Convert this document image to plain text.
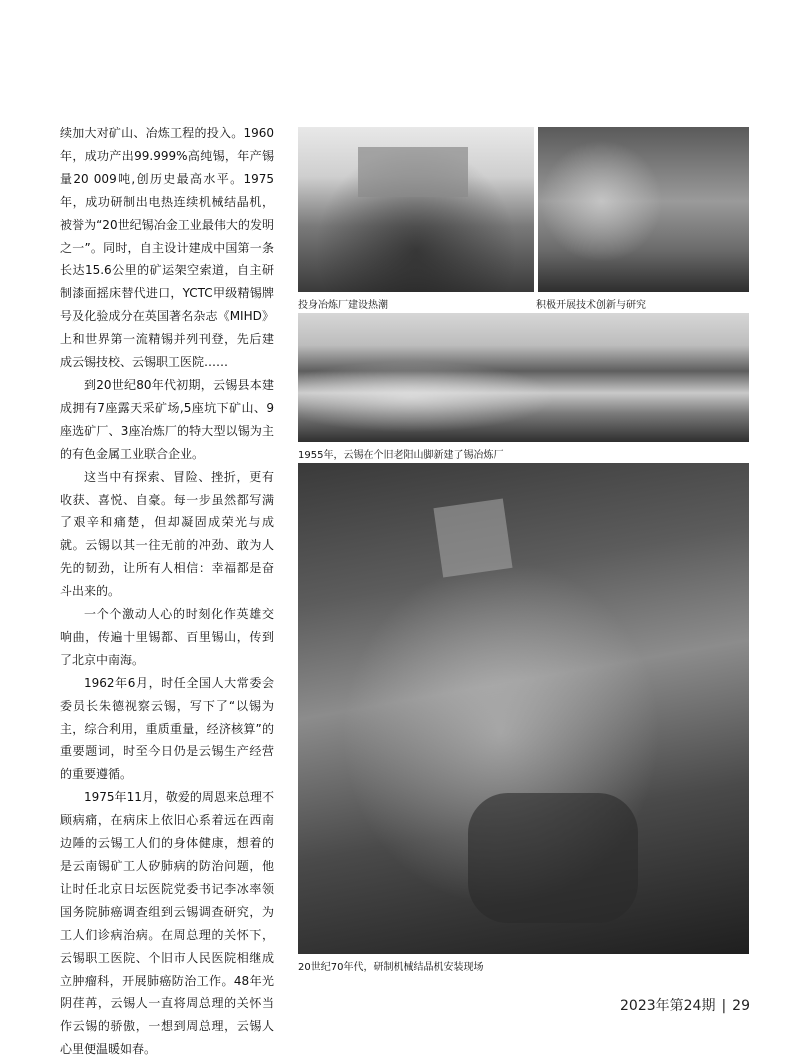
续加大对矿山、冶炼工程的投入。1960年，成功产出99.999%高纯锡，年产锡量20 009吨,创历史最高水平。1975年，成功研制出电热连续机械结晶机，被誉为“20世纪锡冶金工业最伟大的发明之一”。同时，自主设计建成中国第一条长达15.6公里的矿运架空索道，自主研制漆面摇床替代进口，YCTC甲级精锡牌号及化验成分在英国著名杂志《MIHD》上和世界第一流精锡并列刊登，先后建成云锡技校、云锡职工医院……

到20世纪80年代初期，云锡县本建成拥有7座露天采矿场,5座坑下矿山、9座选矿厂、3座冶炼厂的特大型以锡为主的有色金属工业联合企业。

这当中有探索、冒险、挫折，更有收获、喜悦、自豪。每一步虽然都写满了艰辛和痛楚，但却凝固成荣光与成就。云锡以其一往无前的冲劲、敢为人先的韧劲，让所有人相信：幸福都是奋斗出来的。

一个个激动人心的时刻化作英雄交响曲，传遍十里锡都、百里锡山，传到了北京中南海。

1962年6月，时任全国人大常委会委员长朱德视察云锡，写下了“以锡为主，综合利用，重质重量，经济核算”的重要题词，时至今日仍是云锡生产经营的重要遵循。

1975年11月，敬爱的周恩来总理不顾病痛，在病床上依旧心系着远在西南边陲的云锡工人们的身体健康，想着的是云南锡矿工人矽肺病的防治问题，他让时任北京日坛医院党委书记李冰率领国务院肺癌调查组到云锡调查研究，为工人们诊病治病。在周总理的关怀下，云锡职工医院、个旧市人民医院相继成立肿瘤科，开展肺癌防治工作。48年光阴荏苒，云锡人一直将周总理的关怀当作云锡的骄傲，一想到周总理，云锡人心里便温暖如春。

投身冶炼厂建设热潮	积极开展技术创新与研究
1955年，云锡在个旧老阳山脚新建了锡冶炼厂
20世纪70年代，研制机械结晶机安装现场
2023年第24期 | 29
